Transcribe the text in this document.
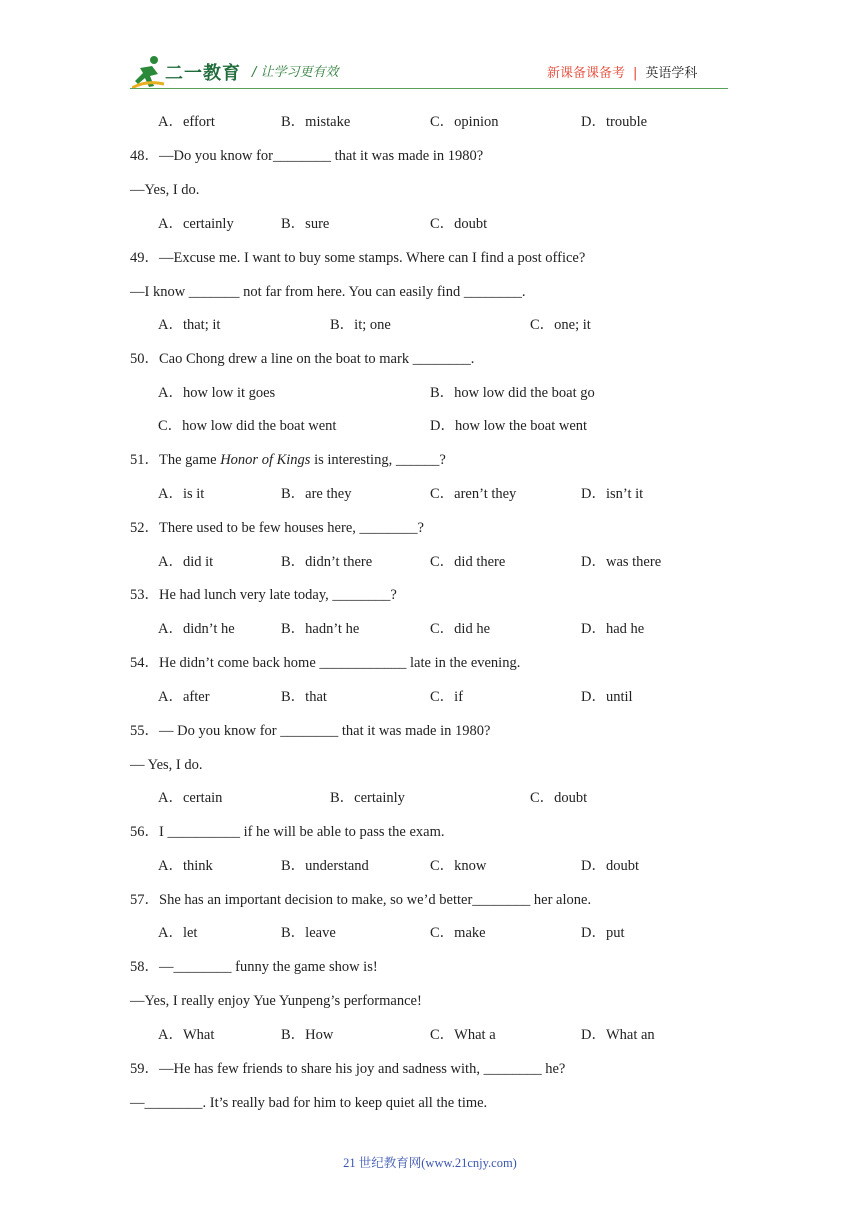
二一教育 / 让学习更有效	新课备课备考 | 英语学科
A．effort	B．mistake	C．opinion	D．trouble
48．—Do you know for________ that it was made in 1980?
—Yes, I do.
A．certainly	B．sure	C．doubt
49．—Excuse me. I want to buy some stamps. Where can I find a post office?
—I know _______ not far from here. You can easily find ________.
A．that; it	B．it; one	C．one; it
50．Cao Chong drew a line on the boat to mark ________.
A．how low it goes	B．how low did the boat go
C．how low did the boat went	D．how low the boat went
51．The game Honor of Kings is interesting, ______?
A．is it	B．are they	C．aren’t they	D．isn’t it
52．There used to be few houses here, ________?
A．did it	B．didn’t there	C．did there	D．was there
53．He had lunch very late today, ________?
A．didn’t he	B．hadn’t he	C．did he	D．had he
54．He didn’t come back home ____________ late in the evening.
A．after	B．that	C．if	D．until
55．— Do you know for ________ that it was made in 1980?
— Yes, I do.
A．certain	B．certainly	C．doubt
56．I __________ if he will be able to pass the exam.
A．think	B．understand	C．know	D．doubt
57．She has an important decision to make, so we’d better________ her alone.
A．let	B．leave	C．make	D．put
58．—________ funny the game show is!
—Yes, I really enjoy Yue Yunpeng’s performance!
A．What	B．How	C．What a	D．What an
59．—He has few friends to share his joy and sadness with, ________ he?
—________. It’s really bad for him to keep quiet all the time.
21 世纪教育网(www.21cnjy.com)
